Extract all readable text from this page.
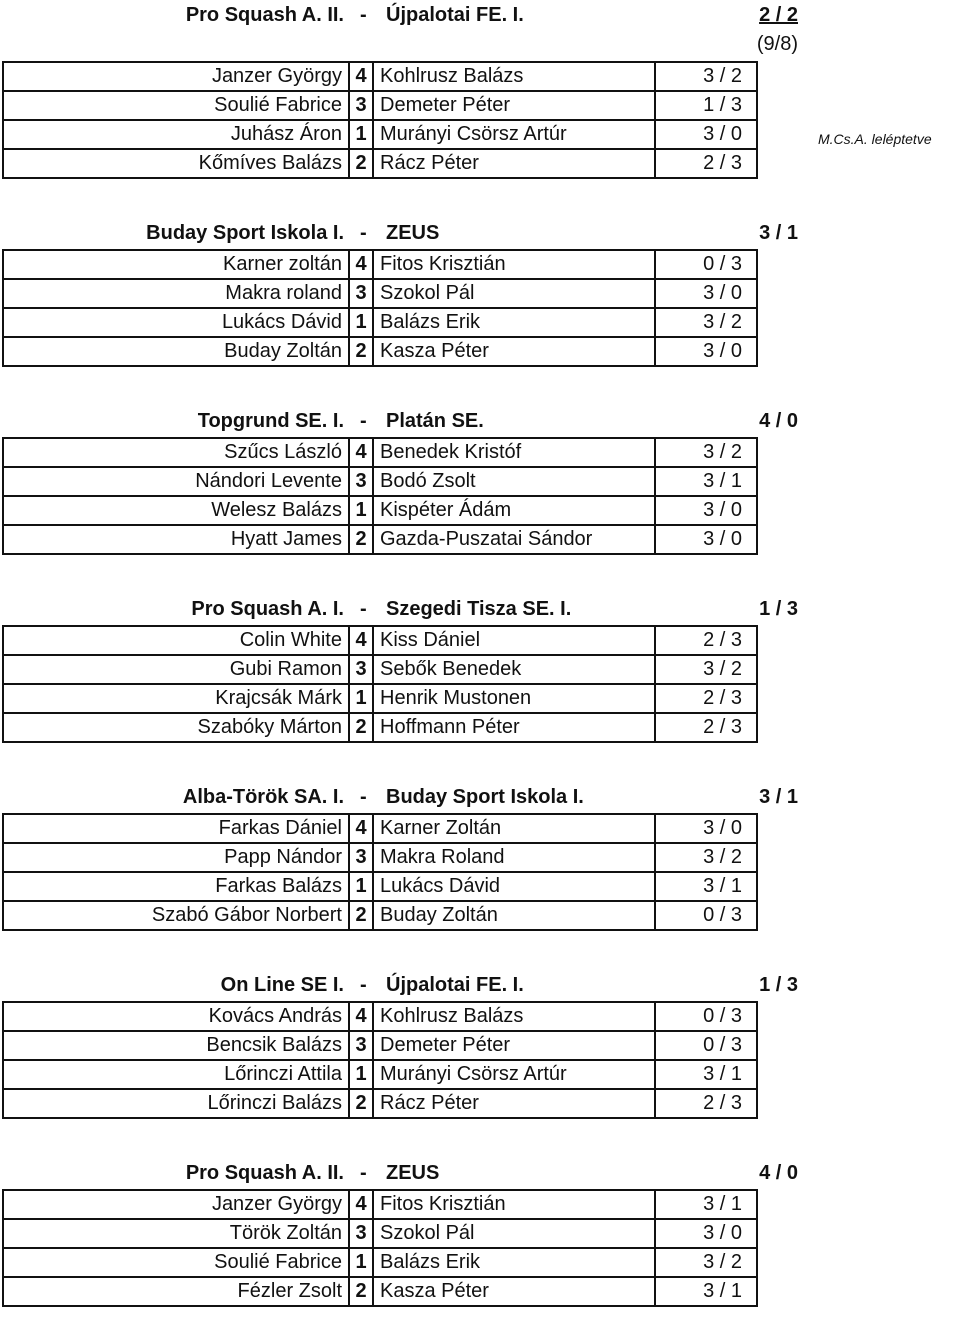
Pro Squash A. II. - Újpalotai FE. I.	2 / 2
(9/8)
M.Cs.A. leléptetve
Janzer György	4	Kohlrusz Balázs	3 / 2
Soulié Fabrice	3	Demeter Péter	1 / 3
Juhász Áron	1	Murányi Csörsz Artúr	3 / 0
Kőmíves Balázs	2	Rácz Péter	2 / 3
Buday Sport Iskola I. - ZEUS	3 / 1
Karner zoltán	4	Fitos Krisztián	0 / 3
Makra roland	3	Szokol Pál	3 / 0
Lukács Dávid	1	Balázs Erik	3 / 2
Buday Zoltán	2	Kasza Péter	3 / 0
Topgrund SE. I. - Platán SE.	4 / 0
Szűcs László	4	Benedek Kristóf	3 / 2
Nándori Levente	3	Bodó Zsolt	3 / 1
Welesz Balázs	1	Kispéter Ádám	3 / 0
Hyatt James	2	Gazda-Puszatai Sándor	3 / 0
Pro Squash A. I. - Szegedi Tisza SE. I.	1 / 3
Colin White	4	Kiss Dániel	2 / 3
Gubi Ramon	3	Sebők Benedek	3 / 2
Krajcsák Márk	1	Henrik Mustonen	2 / 3
Szabóky Márton	2	Hoffmann Péter	2 / 3
Alba-Török SA. I. - Buday Sport Iskola I.	3 / 1
Farkas Dániel	4	Karner Zoltán	3 / 0
Papp Nándor	3	Makra Roland	3 / 2
Farkas Balázs	1	Lukács Dávid	3 / 1
Szabó Gábor Norbert	2	Buday Zoltán	0 / 3
On Line SE I. - Újpalotai FE. I.	1 / 3
Kovács András	4	Kohlrusz Balázs	0 / 3
Bencsik Balázs	3	Demeter Péter	0 / 3
Lőrinczi Attila	1	Murányi Csörsz Artúr	3 / 1
Lőrinczi Balázs	2	Rácz Péter	2 / 3
Pro Squash A. II. - ZEUS	4 / 0
Janzer György	4	Fitos Krisztián	3 / 1
Török Zoltán	3	Szokol Pál	3 / 0
Soulié Fabrice	1	Balázs Erik	3 / 2
Fézler Zsolt	2	Kasza Péter	3 / 1
